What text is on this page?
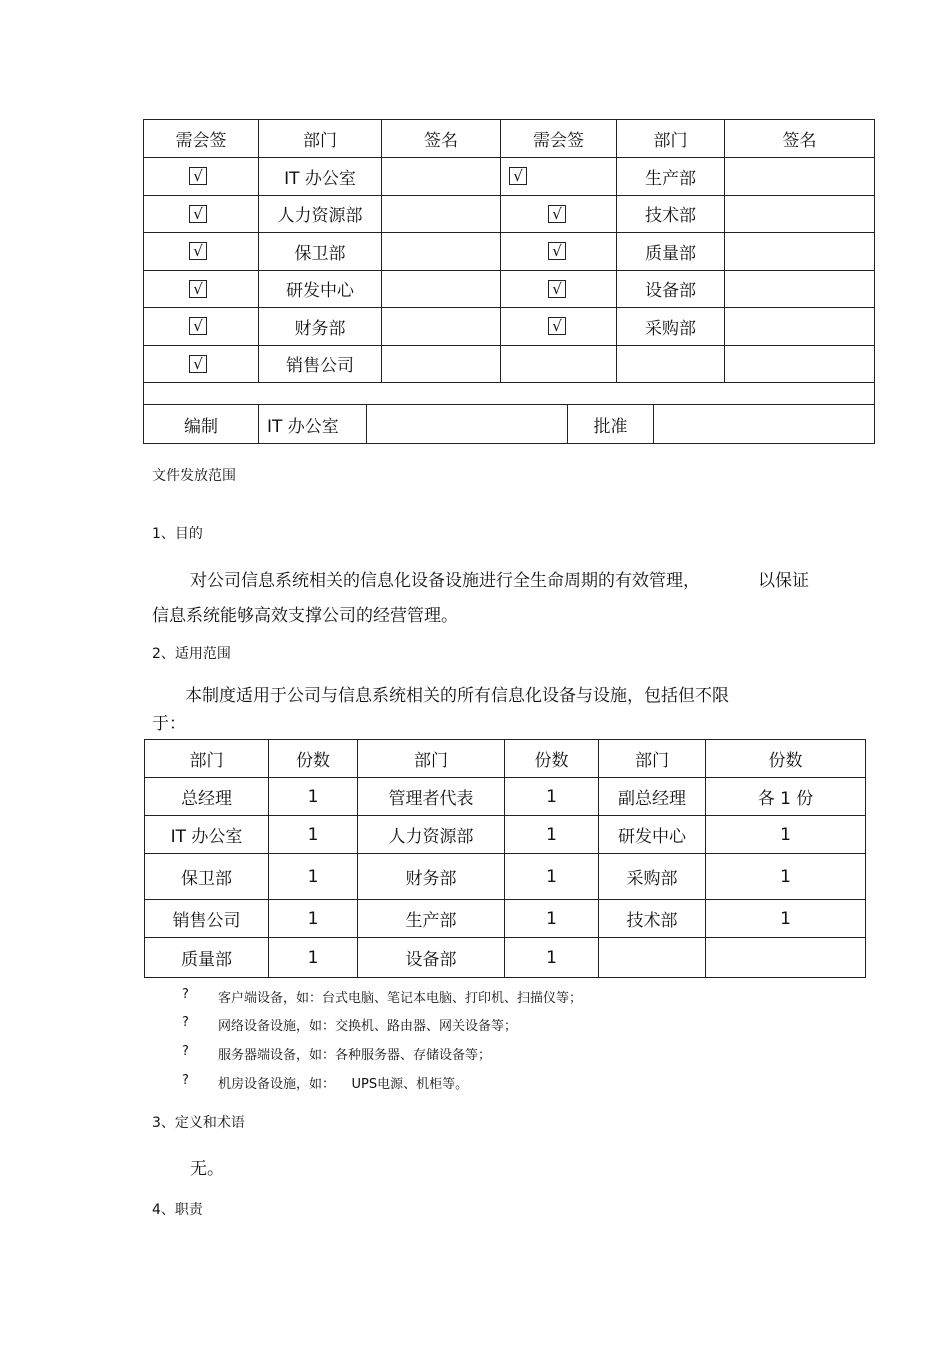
需会签	部门	签名	需会签	部门	签名
√	IT 办公室		√	生产部	
√	人力资源部		√	技术部	
√	保卫部		√	质量部	
√	研发中心		√	设备部	
√	财务部		√	采购部	
√	销售公司				

编制	IT 办公室		批准	
文件发放范围
1、目的
对公司信息系统相关的信息化设备设施进行全生命周期的有效管理，	以保证
信息系统能够高效支撑公司的经营管理。
2、适用范围
本制度适用于公司与信息系统相关的所有信息化设备与设施，包括但不限
于：
部门	份数	部门	份数	部门	份数
总经理	1	管理者代表	1	副总经理	各 1 份
IT 办公室	1	人力资源部	1	研发中心	1
保卫部	1	财务部	1	采购部	1
销售公司	1	生产部	1	技术部	1
质量部	1	设备部	1		
? 客户端设备，如：台式电脑、笔记本电脑、打印机、扫描仪等；
? 网络设备设施，如：交换机、路由器、网关设备等；
? 服务器端设备，如：各种服务器、存储设备等；
? 机房设备设施，如：    UPS电源、机柜等。
3、定义和术语
无。
4、职责
